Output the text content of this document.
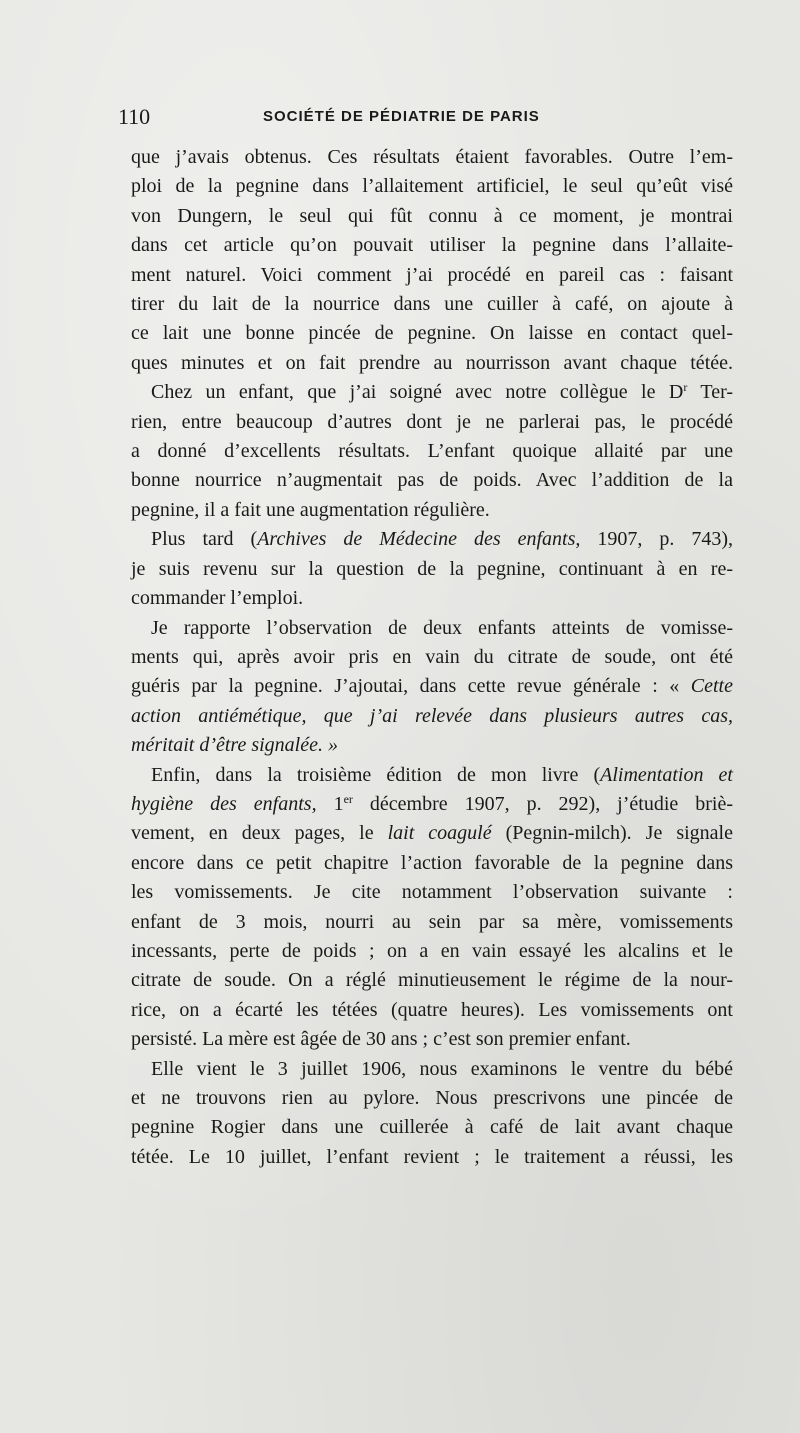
110	SOCIÉTÉ DE PÉDIATRIE DE PARIS
que j’avais obtenus. Ces résultats étaient favorables. Outre l’em-
ploi de la pegnine dans l’allaitement artificiel, le seul qu’eût visé
von Dungern, le seul qui fût connu à ce moment, je montrai
dans cet article qu’on pouvait utiliser la pegnine dans l’allaite-
ment naturel. Voici comment j’ai procédé en pareil cas : faisant
tirer du lait de la nourrice dans une cuiller à café, on ajoute à
ce lait une bonne pincée de pegnine. On laisse en contact quel-
ques minutes et on fait prendre au nourrisson avant chaque tétée.
Chez un enfant, que j’ai soigné avec notre collègue le $D^r$ Ter-
rien, entre beaucoup d’autres dont je ne parlerai pas, le procédé
a donné d’excellents résultats. L’enfant quoique allaité par une
bonne nourrice n’augmentait pas de poids. Avec l’addition de la
pegnine, il a fait une augmentation régulière.
Plus tard (Archives de Médecine des enfants, 1907, p. 743),
je suis revenu sur la question de la pegnine, continuant à en re-
commander l’emploi.
Je rapporte l’observation de deux enfants atteints de vomisse-
ments qui, après avoir pris en vain du citrate de soude, ont été
guéris par la pegnine. J’ajoutai, dans cette revue générale : « Cette
action antiémétique, que j’ai relevée dans plusieurs autres cas,
méritait d’être signalée. »
Enfin, dans la troisième édition de mon livre (Alimentation et
hygiène des enfants, 1er décembre 1907, p. 292), j’étudie briè-
vement, en deux pages, le lait coagulé (Pegnin-milch). Je signale
encore dans ce petit chapitre l’action favorable de la pegnine dans
les vomissements. Je cite notamment l’observation suivante :
enfant de 3 mois, nourri au sein par sa mère, vomissements
incessants, perte de poids ; on a en vain essayé les alcalins et le
citrate de soude. On a réglé minutieusement le régime de la nour-
rice, on a écarté les tétées (quatre heures). Les vomissements ont
persisté. La mère est âgée de 30 ans ; c’est son premier enfant.
Elle vient le 3 juillet 1906, nous examinons le ventre du bébé
et ne trouvons rien au pylore. Nous prescrivons une pincée de
pegnine Rogier dans une cuillerée à café de lait avant chaque
tétée. Le 10 juillet, l’enfant revient ; le traitement a réussi, les
